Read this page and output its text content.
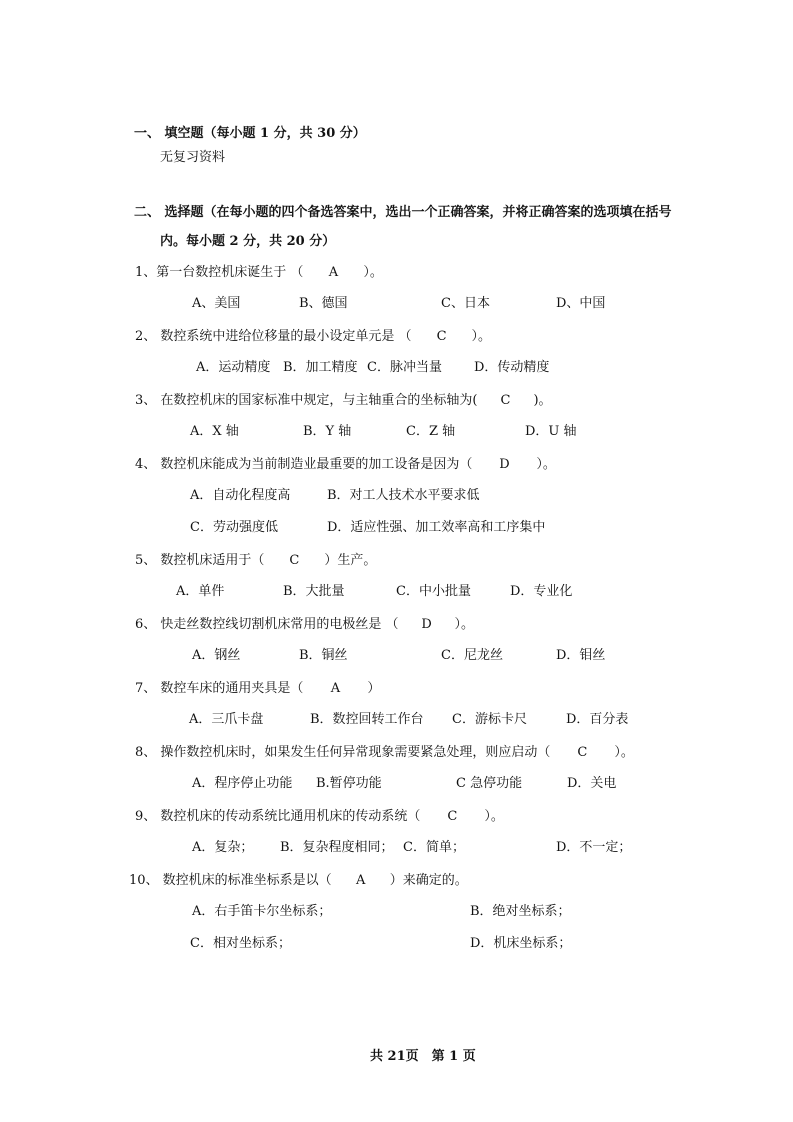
一、 填空题（每小题 1 分，共 30 分）
无复习资料
二、 选择题（在每小题的四个备选答案中，选出一个正确答案，并将正确答案的选项填在括号
内。每小题 2 分，共 20 分）
1、第一台数控机床诞生于 （ A ）。
A、美国	B、德国	C、日本	D、中国
2、 数控系统中进给位移量的最小设定单元是 （ C ）。
A．运动精度 B．加工精度 C．脉冲当量 D．传动精度
3、 在数控机床的国家标准中规定，与主轴重合的坐标轴为( C )。
A．X 轴	B．Y 轴	C．Z 轴	D．U 轴
4、 数控机床能成为当前制造业最重要的加工设备是因为（ D ）。
A．自动化程度高	B．对工人技术水平要求低
C．劳动强度低	D．适应性强、加工效率高和工序集中
5、 数控机床适用于（ C ）生产。
A．单件	B．大批量	C．中小批量	D．专业化
6、 快走丝数控线切割机床常用的电极丝是 （ D ）。
A．钢丝	B．铜丝	C．尼龙丝	D．钼丝
7、 数控车床的通用夹具是（ A ）
A．三爪卡盘	B．数控回转工作台 C．游标卡尺	D．百分表
8、 操作数控机床时，如果发生任何异常现象需要紧急处理，则应启动（ C ）。
A．程序停止功能 B.暂停功能	C 急停功能	D．关电
9、 数控机床的传动系统比通用机床的传动系统（ C ）。
A．复杂； B．复杂程度相同； C．简单；	D．不一定；
10、 数控机床的标准坐标系是以（ A ）来确定的。
A．右手笛卡尔坐标系；	B．绝对坐标系；
C．相对坐标系；	D．机床坐标系；
共 21页　第 1 页
